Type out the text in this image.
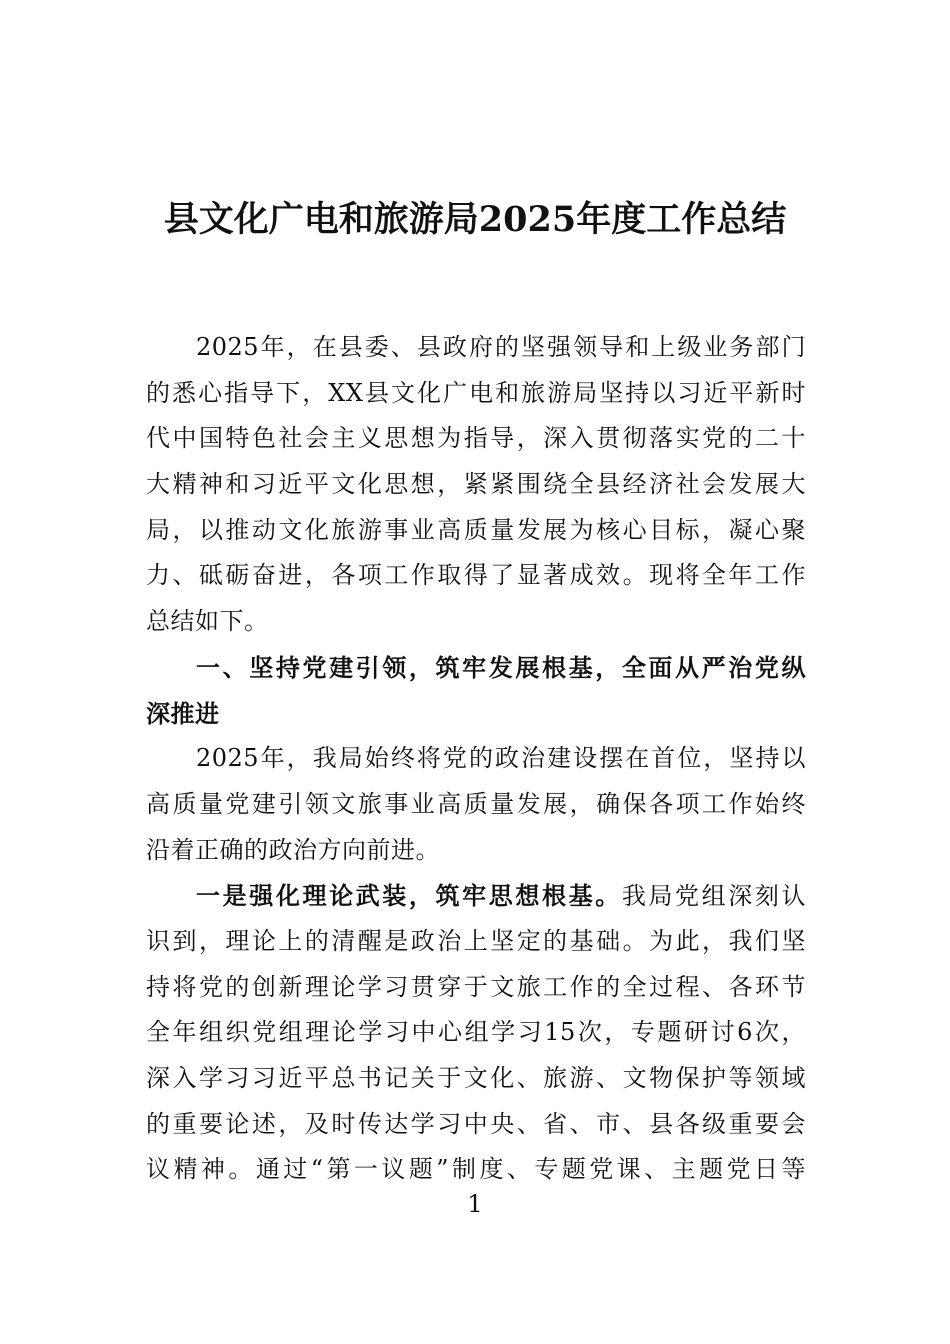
县文化广电和旅游局2025年度工作总结
2025年，在县委、县政府的坚强领导和上级业务部门
的悉心指导下，XX县文化广电和旅游局坚持以习近平新时
代中国特色社会主义思想为指导，深入贯彻落实党的二十
大精神和习近平文化思想，紧紧围绕全县经济社会发展大
局，以推动文化旅游事业高质量发展为核心目标，凝心聚
力、砥砺奋进，各项工作取得了显著成效。现将全年工作
总结如下。
一、坚持党建引领，筑牢发展根基，全面从严治党纵
深推进
2025年，我局始终将党的政治建设摆在首位，坚持以
高质量党建引领文旅事业高质量发展，确保各项工作始终
沿着正确的政治方向前进。
一是强化理论武装，筑牢思想根基。我局党组深刻认
识到，理论上的清醒是政治上坚定的基础。为此，我们坚
持将党的创新理论学习贯穿于文旅工作的全过程、各环节
全年组织党组理论学习中心组学习15次，专题研讨6次，
深入学习习近平总书记关于文化、旅游、文物保护等领域
的重要论述，及时传达学习中央、省、市、县各级重要会
议精神。通过“第一议题”制度、专题党课、主题党日等
1
